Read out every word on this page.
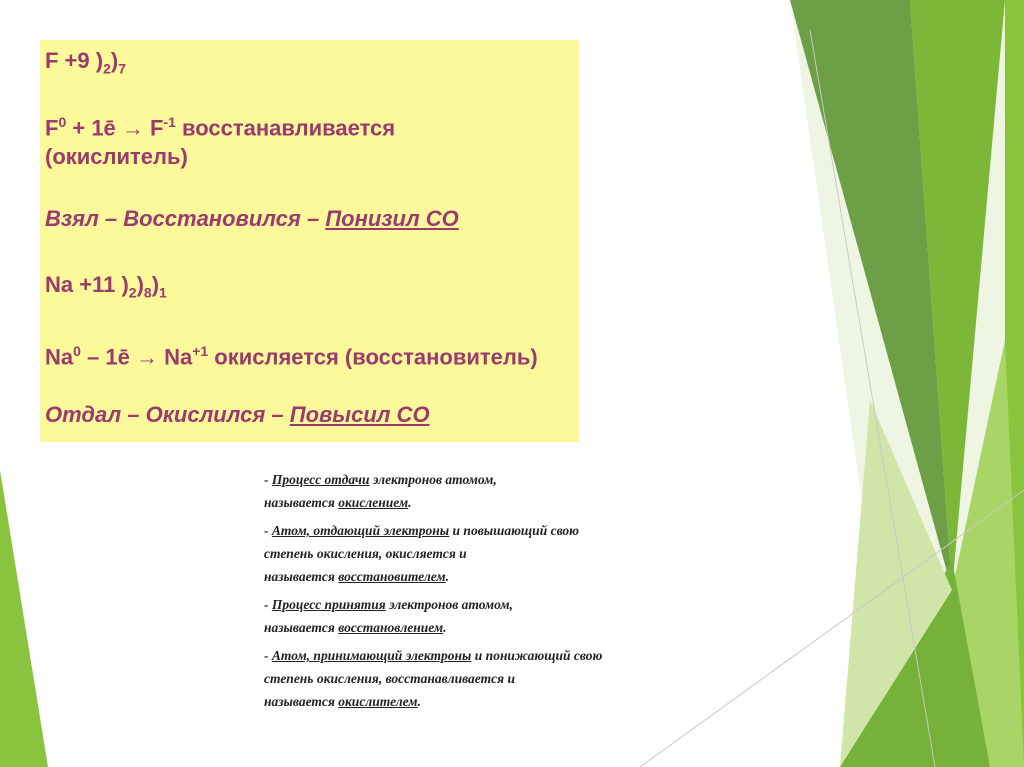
F +9 )$_2)_7$

$F^0$ + 1ē → $F^{-1}$ восстанавливается

(окислитель)

Взял – Восстановился – Понизил СО

Na +11 )$_2)_8)_1$

Na$^0$ – 1ē → $Na^{+1}$ окисляется (восстановитель)

Отдал – Окислился – Повысил СО

- Процесс отдачи электронов атомом,

называется окислением.

- Атом, отдающий электроны и повышающий свою

степень окисления, окисляется и

называется восстановителем.

- Процесс принятия электронов атомом,

называется восстановлением.

- Атом, принимающий электроны и понижающий свою

степень окисления, восстанавливается и

называется окислителем.
